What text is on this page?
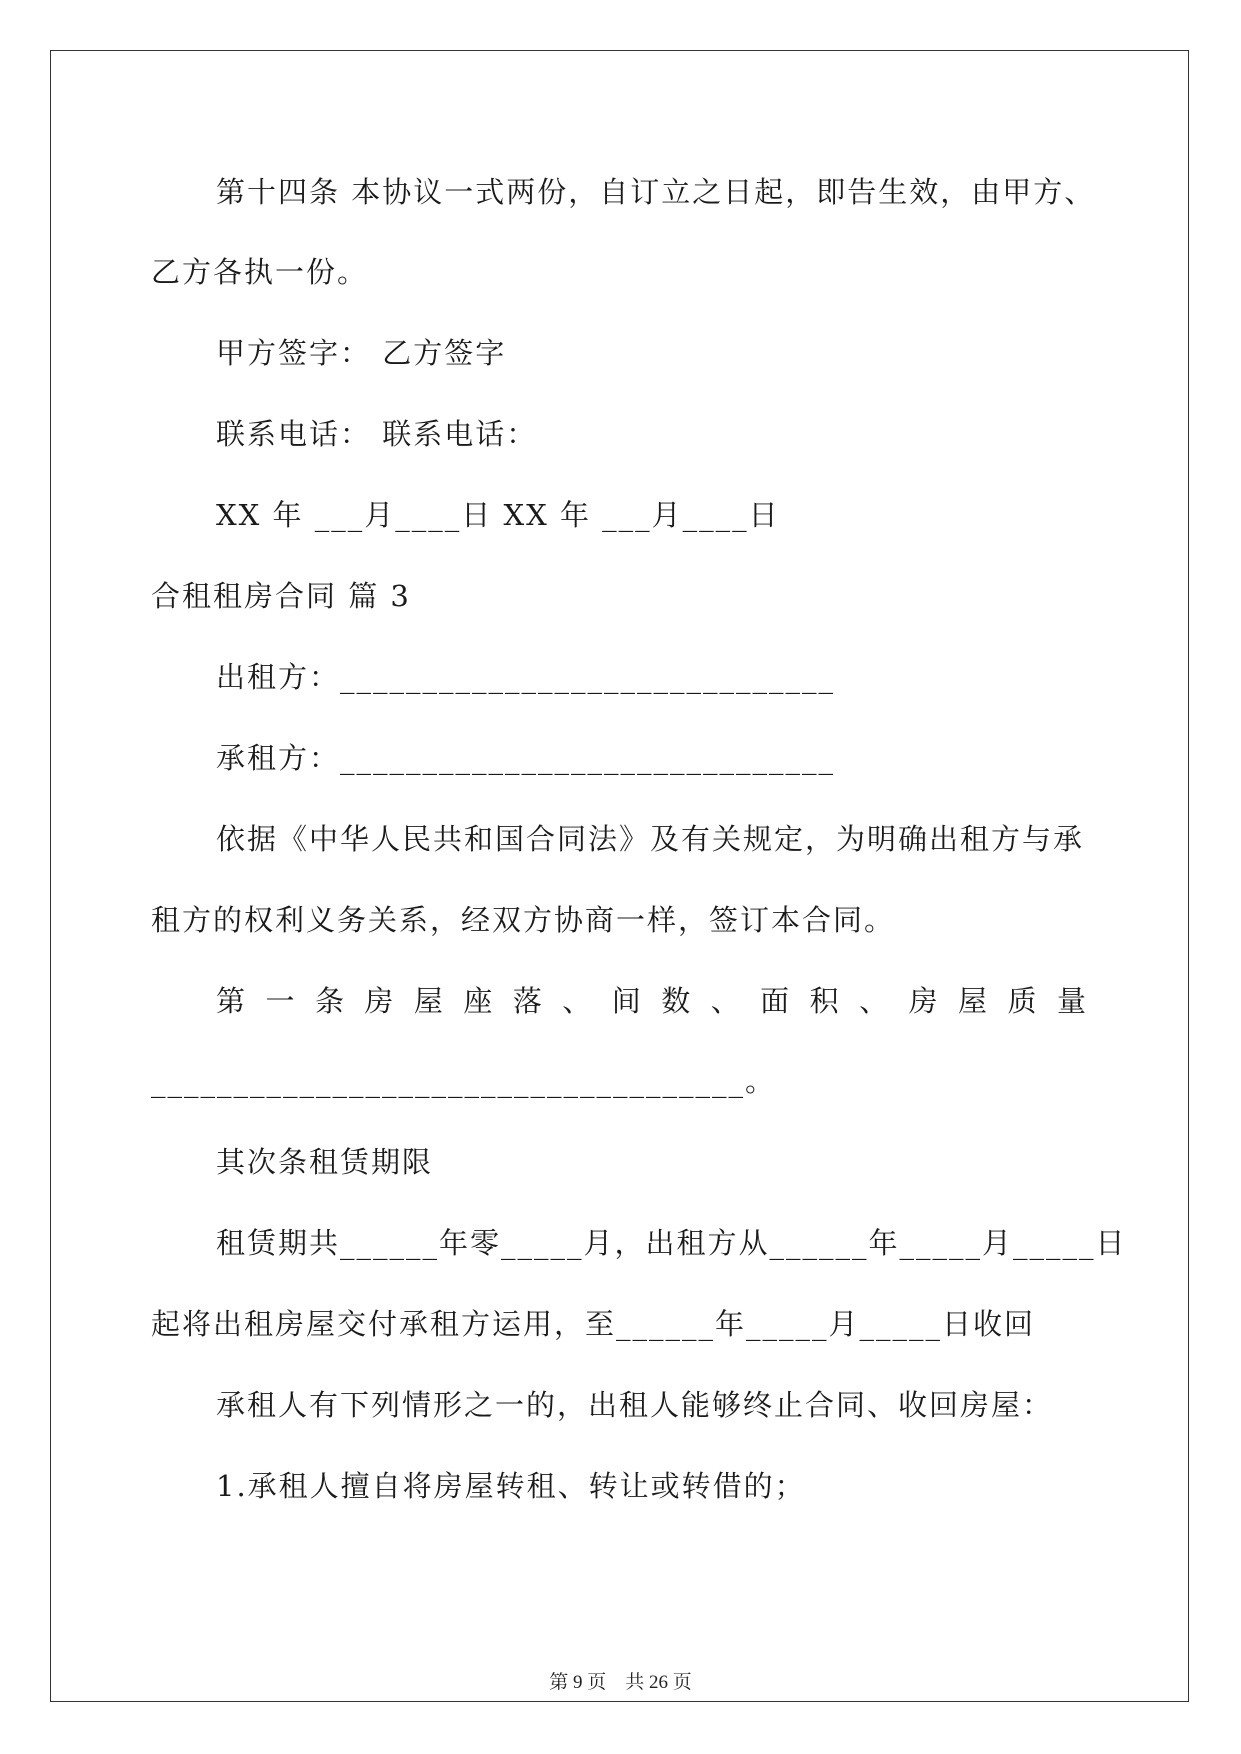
第十四条 本协议一式两份，自订立之日起，即告生效，由甲方、
乙方各执一份。
甲方签字： 乙方签字
联系电话： 联系电话：
XX 年 ___月____日 XX 年 ___月____日
合租租房合同 篇 3
出租方：______________________________
承租方：______________________________
依据《中华人民共和国合同法》及有关规定，为明确出租方与承
租方的权利义务关系，经双方协商一样，签订本合同。
第 一 条 房 屋 座 落 、 间 数 、 面 积 、 房 屋 质 量
____________________________________。
其次条租赁期限
租赁期共______年零_____月，出租方从______年_____月_____日
起将出租房屋交付承租方运用，至______年_____月_____日收回
承租人有下列情形之一的，出租人能够终止合同、收回房屋：
1.承租人擅自将房屋转租、转让或转借的；
第 9 页　共 26 页
